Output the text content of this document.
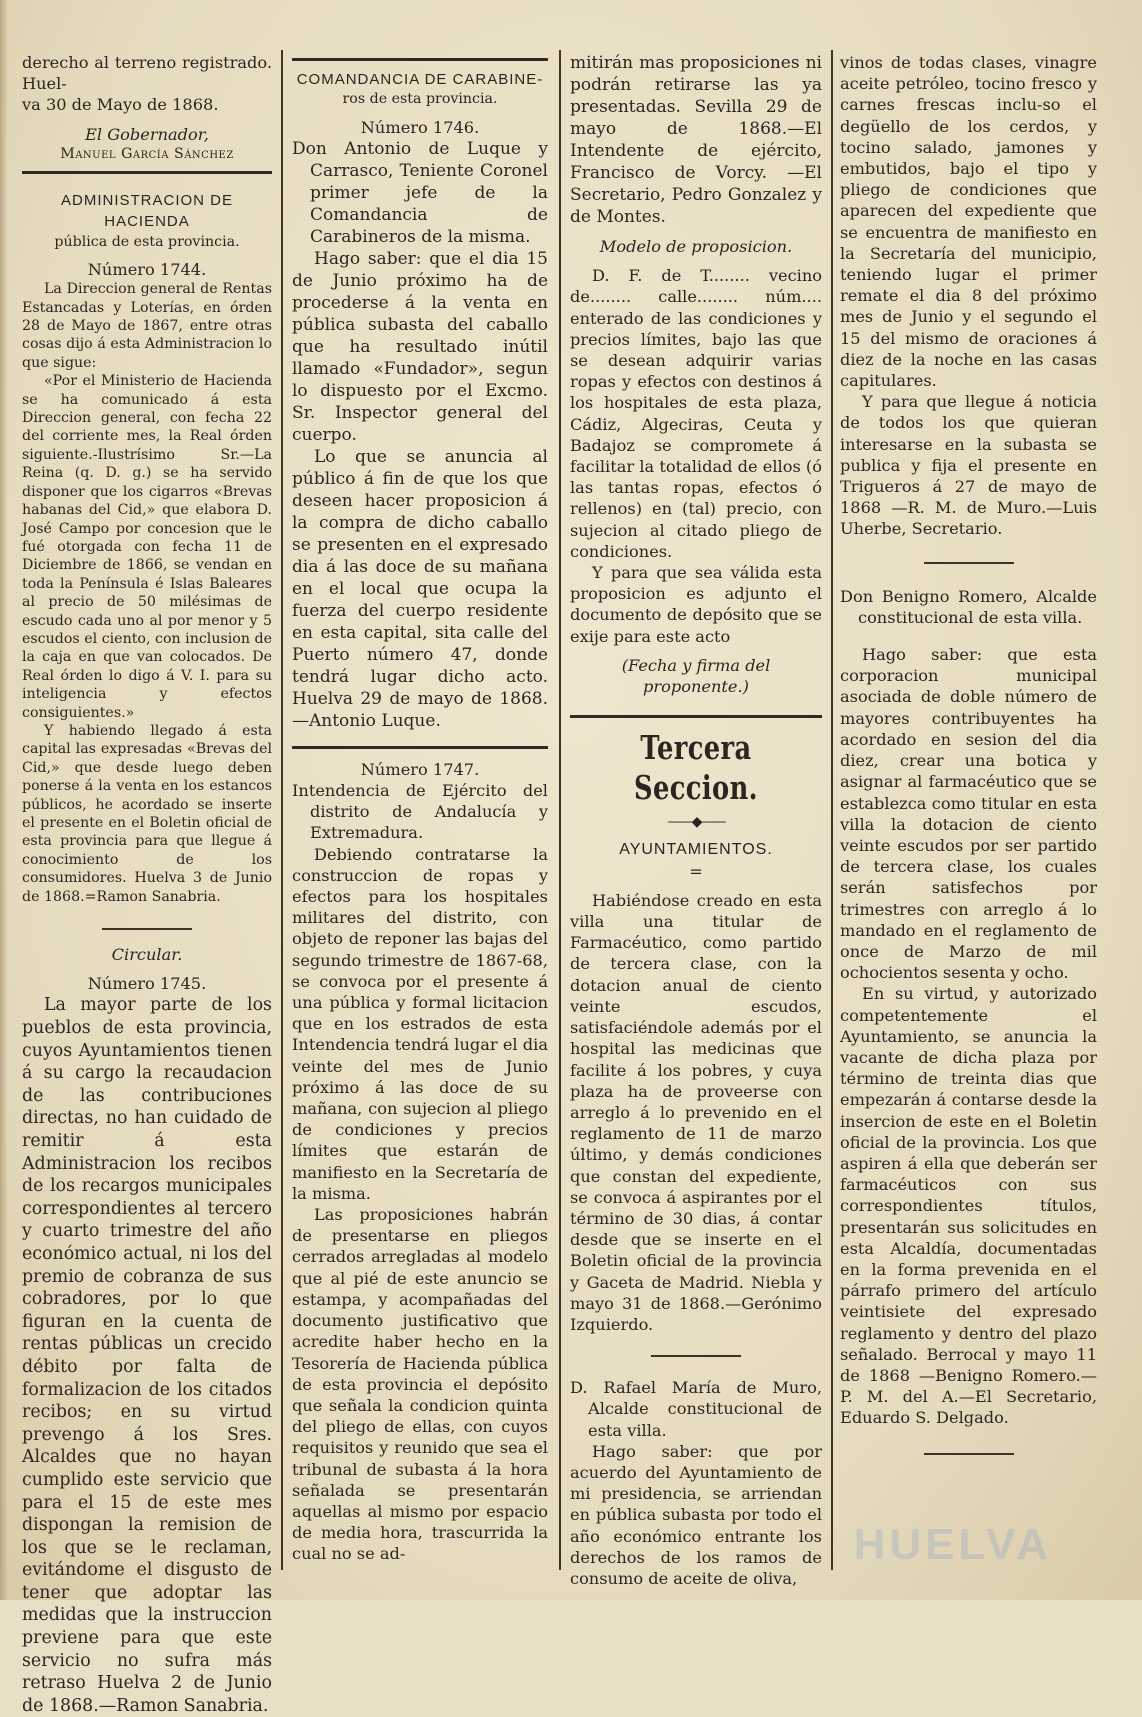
derecho al terreno registrado. Huel-

va 30 de Mayo de 1868.

El Gobernador,

Manuel García Sánchez

ADMINISTRACION DE HACIENDA

pública de esta provincia.

Número 1744.

La Direccion general de Rentas Estancadas y Loterías, en órden 28 de Mayo de 1867, entre otras cosas dijo á esta Administracion lo que sigue:

«Por el Ministerio de Hacienda se ha comunicado á esta Direccion general, con fecha 22 del corriente mes, la Real órden siguiente.-Ilustrísimo Sr.—La Reina (q. D. g.) se ha servido disponer que los cigarros «Brevas habanas del Cid,» que elabora D. José Campo por concesion que le fué otorgada con fecha 11 de Diciembre de 1866, se vendan en toda la Península é Islas Baleares al precio de 50 milésimas de escudo cada uno al por menor y 5 escudos el ciento, con inclusion de la caja en que van colocados. De Real órden lo digo á V. I. para su inteligencia y efectos consiguientes.»

Y habiendo llegado á esta capital las expresadas «Brevas del Cid,» que desde luego deben ponerse á la venta en los estancos públicos, he acordado se inserte el presente en el Boletin oficial de esta provincia para que llegue á conocimiento de los consumidores. Huelva 3 de Junio de 1868.=Ramon Sanabria.

Circular.

Número 1745.

La mayor parte de los pueblos de esta provincia, cuyos Ayuntamientos tienen á su cargo la recaudacion de las contribuciones directas, no han cuidado de remitir á esta Administracion los recibos de los recargos municipales correspondientes al tercero y cuarto trimestre del año económico actual, ni los del premio de cobranza de sus cobradores, por lo que figuran en la cuenta de rentas públicas un crecido débito por falta de formalizacion de los citados recibos; en su virtud prevengo á los Sres. Alcaldes que no hayan cumplido este servicio que para el 15 de este mes dispongan la remision de los que se le reclaman, evitándome el disgusto de tener que adoptar las medidas que la instruccion previene para que este servicio no sufra más retraso Huelva 2 de Junio de 1868.—Ramon Sanabria.

COMANDANCIA DE CARABINE-

ros de esta provincia.

Número 1746.

Don Antonio de Luque y Carrasco, Teniente Coronel primer jefe de la Comandancia de Carabineros de la misma.

Hago saber: que el dia 15 de Junio próximo ha de procederse á la venta en pública subasta del caballo que ha resultado inútil llamado «Fundador», segun lo dispuesto por el Excmo. Sr. Inspector general del cuerpo.

Lo que se anuncia al público á fin de que los que deseen hacer proposicion á la compra de dicho caballo se presenten en el expresado dia á las doce de su mañana en el local que ocupa la fuerza del cuerpo residente en esta capital, sita calle del Puerto número 47, donde tendrá lugar dicho acto. Huelva 29 de mayo de 1868.—Antonio Luque.

Número 1747.

Intendencia de Ejército del distrito de Andalucía y Extremadura.

Debiendo contratarse la construccion de ropas y efectos para los hospitales militares del distrito, con objeto de reponer las bajas del segundo trimestre de 1867-68, se convoca por el presente á una pública y formal licitacion que en los estrados de esta Intendencia tendrá lugar el dia veinte del mes de Junio próximo á las doce de su mañana, con sujecion al pliego de condiciones y precios límites que estarán de manifiesto en la Secretaría de la misma.

Las proposiciones habrán de presentarse en pliegos cerrados arregladas al modelo que al pié de este anuncio se estampa, y acompañadas del documento justificativo que acredite haber hecho en la Tesorería de Hacienda pública de esta provincia el depósito que señala la condicion quinta del pliego de ellas, con cuyos requisitos y reunido que sea el tribunal de subasta á la hora señalada se presentarán aquellas al mismo por espacio de media hora, trascurrida la cual no se ad-

mitirán mas proposiciones ni podrán retirarse las ya presentadas. Sevilla 29 de mayo de 1868.—El Intendente de ejército, Francisco de Vorcy. —El Secretario, Pedro Gonzalez y de Montes.

Modelo de proposicion.

D. F. de T........ vecino de........ calle........ núm.... enterado de las condiciones y precios límites, bajo las que se desean adquirir varias ropas y efectos con destinos á los hospitales de esta plaza, Cádiz, Algeciras, Ceuta y Badajoz se compromete á facilitar la totalidad de ellos (ó las tantas ropas, efectos ó rellenos) en (tal) precio, con sujecion al citado pliego de condiciones.

Y para que sea válida esta proposicion es adjunto el documento de depósito que se exije para este acto

(Fecha y firma del proponente.)

Tercera Seccion.

——◆——

AYUNTAMIENTOS.

=

Habiéndose creado en esta villa una titular de Farmacéutico, como partido de tercera clase, con la dotacion anual de ciento veinte escudos, satisfaciéndole además por el hospital las medicinas que facilite á los pobres, y cuya plaza ha de proveerse con arreglo á lo prevenido en el reglamento de 11 de marzo último, y demás condiciones que constan del expediente, se convoca á aspirantes por el término de 30 dias, á contar desde que se inserte en el Boletin oficial de la provincia y Gaceta de Madrid. Niebla y mayo 31 de 1868.—Gerónimo Izquierdo.

D. Rafael María de Muro, Alcalde constitucional de esta villa.

Hago saber: que por acuerdo del Ayuntamiento de mi presidencia, se arriendan en pública subasta por todo el año económico entrante los derechos de los ramos de consumo de aceite de oliva,

vinos de todas clases, vinagre aceite petróleo, tocino fresco y carnes frescas inclu-so el degüello de los cerdos, y tocino salado, jamones y embutidos, bajo el tipo y pliego de condiciones que aparecen del expediente que se encuentra de manifiesto en la Secretaría del municipio, teniendo lugar el primer remate el dia 8 del próximo mes de Junio y el segundo el 15 del mismo de oraciones á diez de la noche en las casas capitulares.

Y para que llegue á noticia de todos los que quieran interesarse en la subasta se publica y fija el presente en Trigueros á 27 de mayo de 1868 —R. M. de Muro.—Luis Uherbe, Secretario.

Don Benigno Romero, Alcalde constitucional de esta villa.

Hago saber: que esta corporacion municipal asociada de doble número de mayores contribuyentes ha acordado en sesion del dia diez, crear una botica y asignar al farmacéutico que se establezca como titular en esta villa la dotacion de ciento veinte escudos por ser partido de tercera clase, los cuales serán satisfechos por trimestres con arreglo á lo mandado en el reglamento de once de Marzo de mil ochocientos sesenta y ocho.

En su virtud, y autorizado competentemente el Ayuntamiento, se anuncia la vacante de dicha plaza por término de treinta dias que empezarán á contarse desde la insercion de este en el Boletin oficial de la provincia. Los que aspiren á ella que deberán ser farmacéuticos con sus correspondientes títulos, presentarán sus solicitudes en esta Alcaldía, documentadas en la forma prevenida en el párrafo primero del artículo veintisiete del expresado reglamento y dentro del plazo señalado. Berrocal y mayo 11 de 1868 —Benigno Romero.—P. M. del A.—El Secretario, Eduardo S. Delgado.

HUELVA
